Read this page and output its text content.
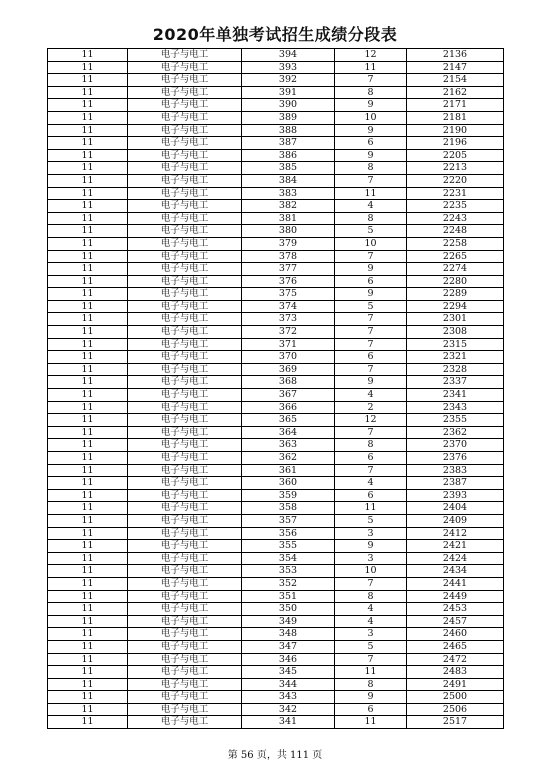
2020年单独考试招生成绩分段表
11	电子与电工	394	12	2136
11	电子与电工	393	11	2147
11	电子与电工	392	7	2154
11	电子与电工	391	8	2162
11	电子与电工	390	9	2171
11	电子与电工	389	10	2181
11	电子与电工	388	9	2190
11	电子与电工	387	6	2196
11	电子与电工	386	9	2205
11	电子与电工	385	8	2213
11	电子与电工	384	7	2220
11	电子与电工	383	11	2231
11	电子与电工	382	4	2235
11	电子与电工	381	8	2243
11	电子与电工	380	5	2248
11	电子与电工	379	10	2258
11	电子与电工	378	7	2265
11	电子与电工	377	9	2274
11	电子与电工	376	6	2280
11	电子与电工	375	9	2289
11	电子与电工	374	5	2294
11	电子与电工	373	7	2301
11	电子与电工	372	7	2308
11	电子与电工	371	7	2315
11	电子与电工	370	6	2321
11	电子与电工	369	7	2328
11	电子与电工	368	9	2337
11	电子与电工	367	4	2341
11	电子与电工	366	2	2343
11	电子与电工	365	12	2355
11	电子与电工	364	7	2362
11	电子与电工	363	8	2370
11	电子与电工	362	6	2376
11	电子与电工	361	7	2383
11	电子与电工	360	4	2387
11	电子与电工	359	6	2393
11	电子与电工	358	11	2404
11	电子与电工	357	5	2409
11	电子与电工	356	3	2412
11	电子与电工	355	9	2421
11	电子与电工	354	3	2424
11	电子与电工	353	10	2434
11	电子与电工	352	7	2441
11	电子与电工	351	8	2449
11	电子与电工	350	4	2453
11	电子与电工	349	4	2457
11	电子与电工	348	3	2460
11	电子与电工	347	5	2465
11	电子与电工	346	7	2472
11	电子与电工	345	11	2483
11	电子与电工	344	8	2491
11	电子与电工	343	9	2500
11	电子与电工	342	6	2506
11	电子与电工	341	11	2517
第 56 页，共 111 页
